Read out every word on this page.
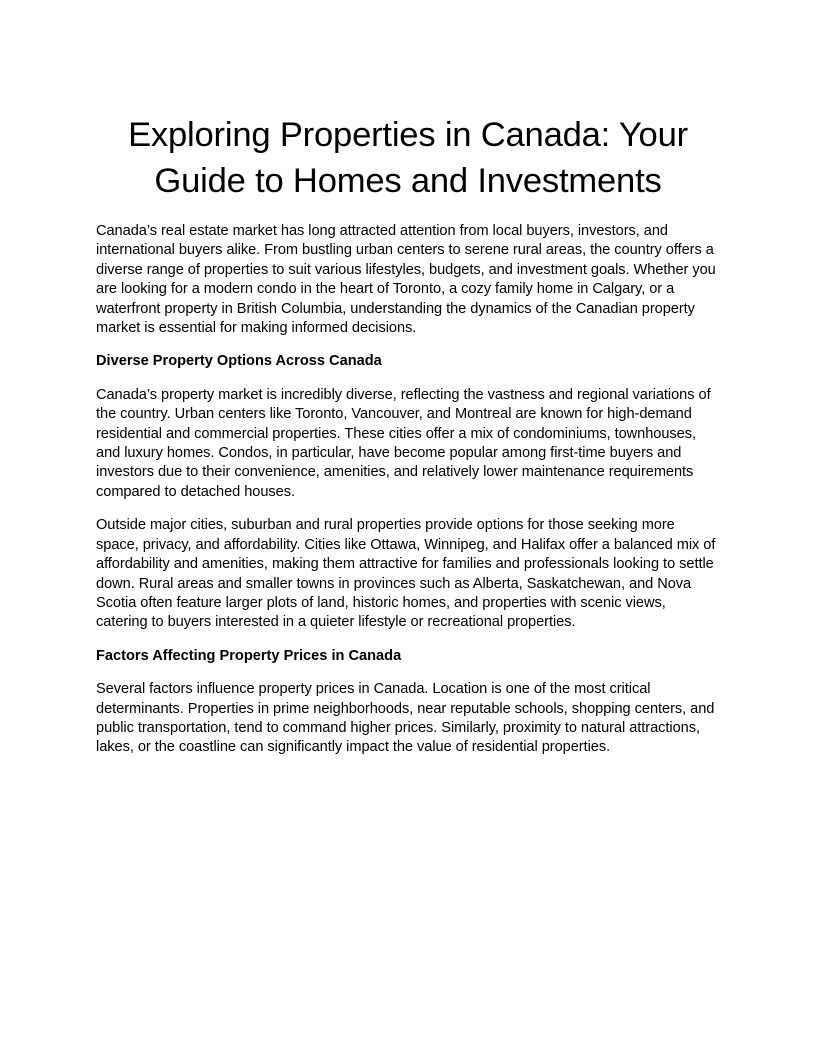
Exploring Properties in Canada: Your Guide to Homes and Investments

Canada’s real estate market has long attracted attention from local buyers, investors, and international buyers alike. From bustling urban centers to serene rural areas, the country offers a diverse range of properties to suit various lifestyles, budgets, and investment goals. Whether you are looking for a modern condo in the heart of Toronto, a cozy family home in Calgary, or a waterfront property in British Columbia, understanding the dynamics of the Canadian property market is essential for making informed decisions.

Diverse Property Options Across Canada

Canada’s property market is incredibly diverse, reflecting the vastness and regional variations of the country. Urban centers like Toronto, Vancouver, and Montreal are known for high-demand residential and commercial properties. These cities offer a mix of condominiums, townhouses, and luxury homes. Condos, in particular, have become popular among first-time buyers and investors due to their convenience, amenities, and relatively lower maintenance requirements compared to detached houses.

Outside major cities, suburban and rural properties provide options for those seeking more space, privacy, and affordability. Cities like Ottawa, Winnipeg, and Halifax offer a balanced mix of affordability and amenities, making them attractive for families and professionals looking to settle down. Rural areas and smaller towns in provinces such as Alberta, Saskatchewan, and Nova Scotia often feature larger plots of land, historic homes, and properties with scenic views, catering to buyers interested in a quieter lifestyle or recreational properties.

Factors Affecting Property Prices in Canada

Several factors influence property prices in Canada. Location is one of the most critical determinants. Properties in prime neighborhoods, near reputable schools, shopping centers, and public transportation, tend to command higher prices. Similarly, proximity to natural attractions, lakes, or the coastline can significantly impact the value of residential properties.
